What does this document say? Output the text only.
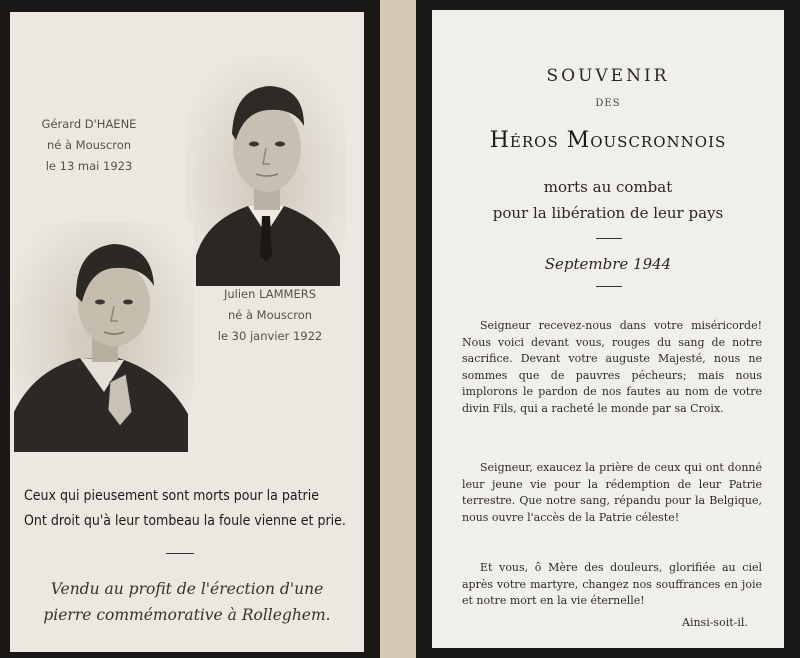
Gérard D'HAENE
né à Mouscron
le 13 mai 1923
Julien LAMMERS
né à Mouscron
le 30 janvier 1922
Ceux qui pieusement sont morts pour la patrie
Ont droit qu'à leur tombeau la foule vienne et prie.
Vendu au profit de l'érection d'une
pierre commémorative à Rolleghem.
SOUVENIR
DES
Héros Mouscronnois
morts au combat
pour la libération de leur pays
Septembre 1944
Seigneur recevez-nous dans votre miséricorde! Nous voici devant vous, rouges du sang de notre sacrifice. Devant votre auguste Majesté, nous ne sommes que de pauvres pécheurs; mais nous implorons le pardon de nos fautes au nom de votre divin Fils, qui a racheté le monde par sa Croix.
Seigneur, exaucez la prière de ceux qui ont donné leur jeune vie pour la rédemption de leur Patrie terrestre. Que notre sang, répandu pour la Belgique, nous ouvre l'accès de la Patrie céleste!
Et vous, ô Mère des douleurs, glorifiée au ciel après votre martyre, changez nos souffrances en joie et notre mort en la vie éternelle!
Ainsi-soit-il.
